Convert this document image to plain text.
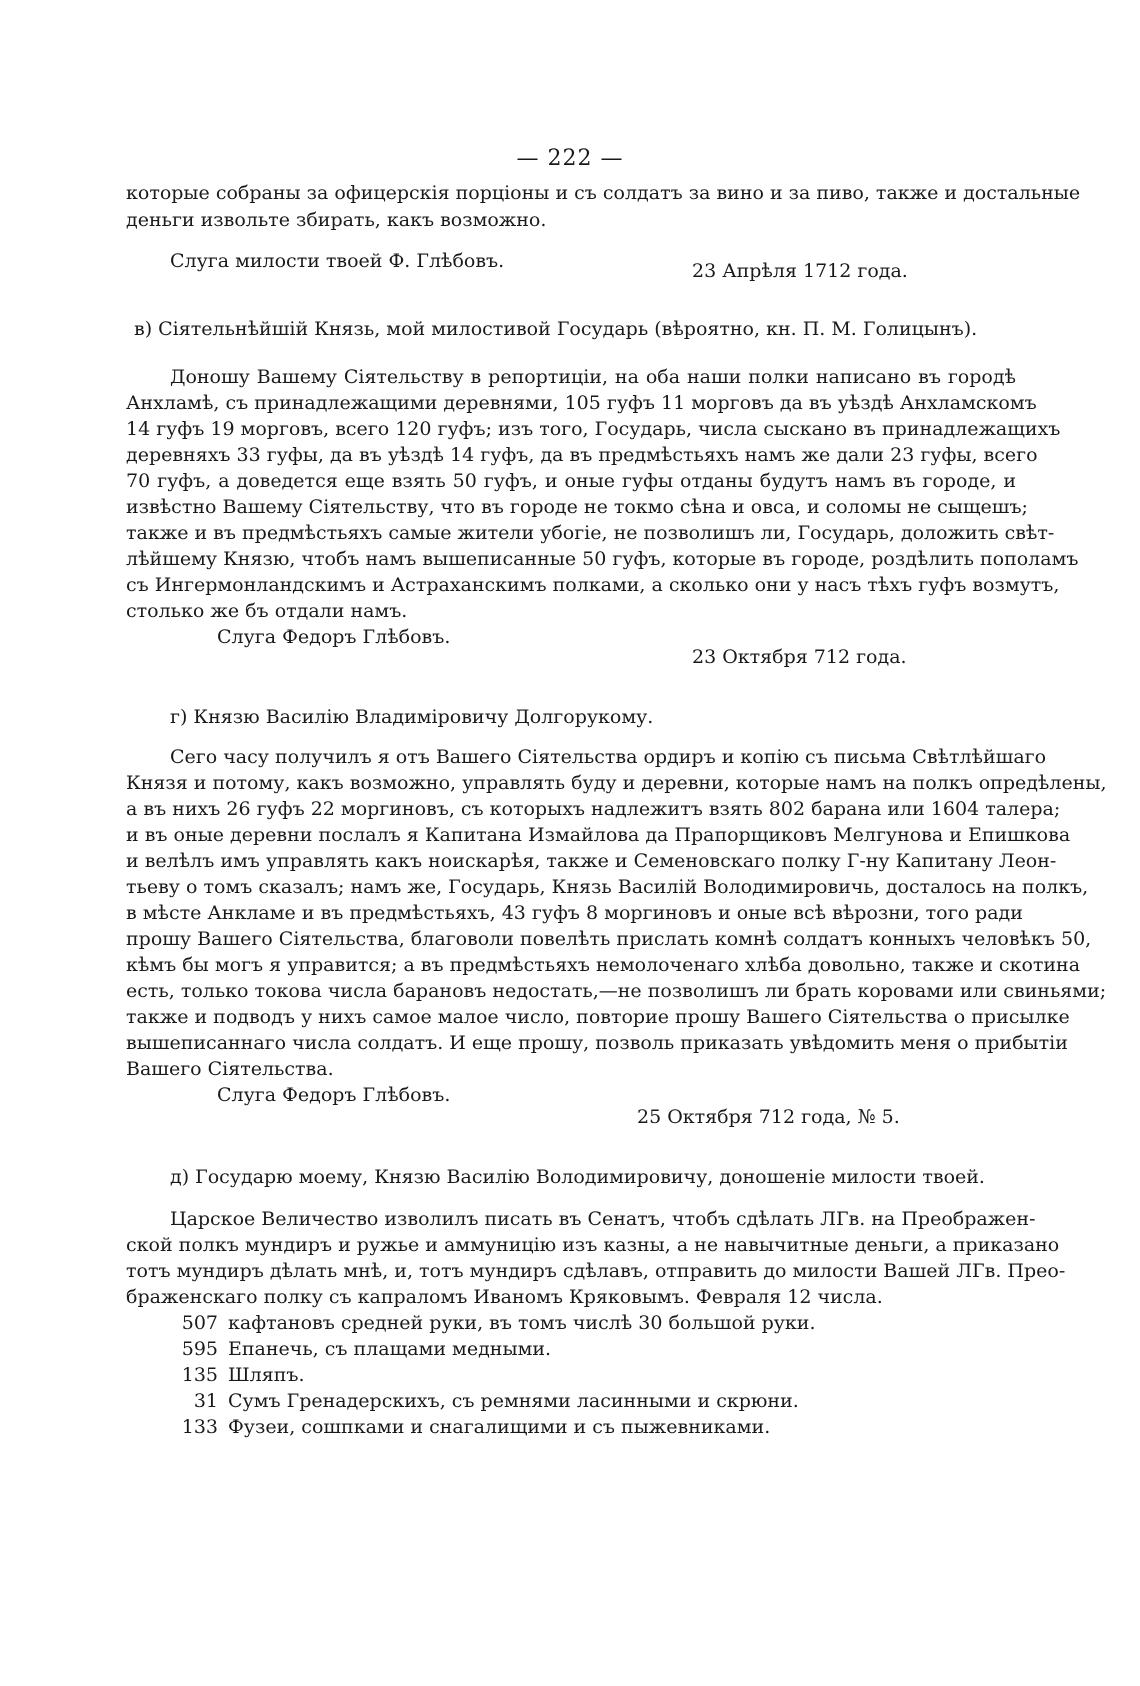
— 222 —
которые собраны за офицерскія порціоны и съ солдатъ за вино и за пиво, также и достальные
деньги извольте збирать, какъ возможно.
Слуга милости твоей Ф. Глѣбовъ.	23 Апрѣля 1712 года.
в) Сіятельнѣйшій Князь, мой милостивой Государь (вѣроятно, кн. П. М. Голицынъ).
Доношу Вашему Сіятельству в репортиціи, на оба наши полки написано въ городѣ
Анхламѣ, съ принадлежащими деревнями, 105 гуфъ 11 морговъ да въ уѣздѣ Анхламскомъ
14 гуфъ 19 морговъ, всего 120 гуфъ; изъ того, Государь, числа сыскано въ принадлежащихъ
деревняхъ 33 гуфы, да въ уѣздѣ 14 гуфъ, да въ предмѣстьяхъ намъ же дали 23 гуфы, всего
70 гуфъ, а доведется еще взять 50 гуфъ, и оные гуфы отданы будутъ намъ въ городе, и
извѣстно Вашему Сіятельству, что въ городе не токмо сѣна и овса, и соломы не сыщешъ;
также и въ предмѣстьяхъ самые жители убогіе, не позволишъ ли, Государь, доложить свѣт-
лѣйшему Князю, чтобъ намъ вышеписанные 50 гуфъ, которые въ городе, роздѣлить пополамъ
съ Ингермонландскимъ и Астраханскимъ полками, а сколько они у насъ тѣхъ гуфъ возмутъ,
столько же бъ отдали намъ.
Слуга Федоръ Глѣбовъ.
23 Октября 712 года.
г) Князю Василію Владиміровичу Долгорукому.
Сего часу получилъ я отъ Вашего Сіятельства ордиръ и копію съ письма Свѣтлѣйшаго
Князя и потому, какъ возможно, управлять буду и деревни, которые намъ на полкъ опредѣлены,
а въ нихъ 26 гуфъ 22 моргиновъ, съ которыхъ надлежитъ взять 802 барана или 1604 талера;
и въ оные деревни послалъ я Капитана Измайлова да Прапорщиковъ Мелгунова и Епишкова
и велѣлъ имъ управлять какъ ноискарѣя, также и Семеновскаго полку Г-ну Капитану Леон-
тьеву о томъ сказалъ; намъ же, Государь, Князь Василій Володимировичь, досталось на полкъ,
в мѣсте Анкламе и въ предмѣстьяхъ, 43 гуфъ 8 моргиновъ и оные всѣ вѣрозни, того ради
прошу Вашего Сіятельства, благоволи повелѣть прислать комнѣ солдатъ конныхъ человѣкъ 50,
кѣмъ бы могъ я управится; а въ предмѣстьяхъ немолоченаго хлѣба довольно, также и скотина
есть, только токова числа барановъ недостать,—не позволишъ ли брать коровами или свиньями;
также и подводъ у нихъ самое малое число, повторие прошу Вашего Сіятельства о присылке
вышеписаннаго числа солдатъ. И еще прошу, позволь приказать увѣдомить меня о прибытіи
Вашего Сіятельства.
Слуга Федоръ Глѣбовъ.
25 Октября 712 года, № 5.
д) Государю моему, Князю Василію Володимировичу, доношеніе милости твоей.
Царское Величество изволилъ писать въ Сенатъ, чтобъ сдѣлать ЛГв. на Преображен-
ской полкъ мундиръ и ружье и аммуницію изъ казны, а не навычитные деньги, а приказано
тотъ мундиръ дѣлать мнѣ, и, тотъ мундиръ сдѣлавъ, отправить до милости Вашей ЛГв. Прео-
браженскаго полку съ капраломъ Иваномъ Кряковымъ. Февраля 12 числа.
507 кафтановъ средней руки, въ томъ числѣ 30 большой руки.
595 Епанечь, съ плащами медными.
135 Шляпъ.
31 Сумъ Гренадерскихъ, съ ремнями ласинными и скрюни.
133 Фузеи, сошпками и снагалищими и съ пыжевниками.
